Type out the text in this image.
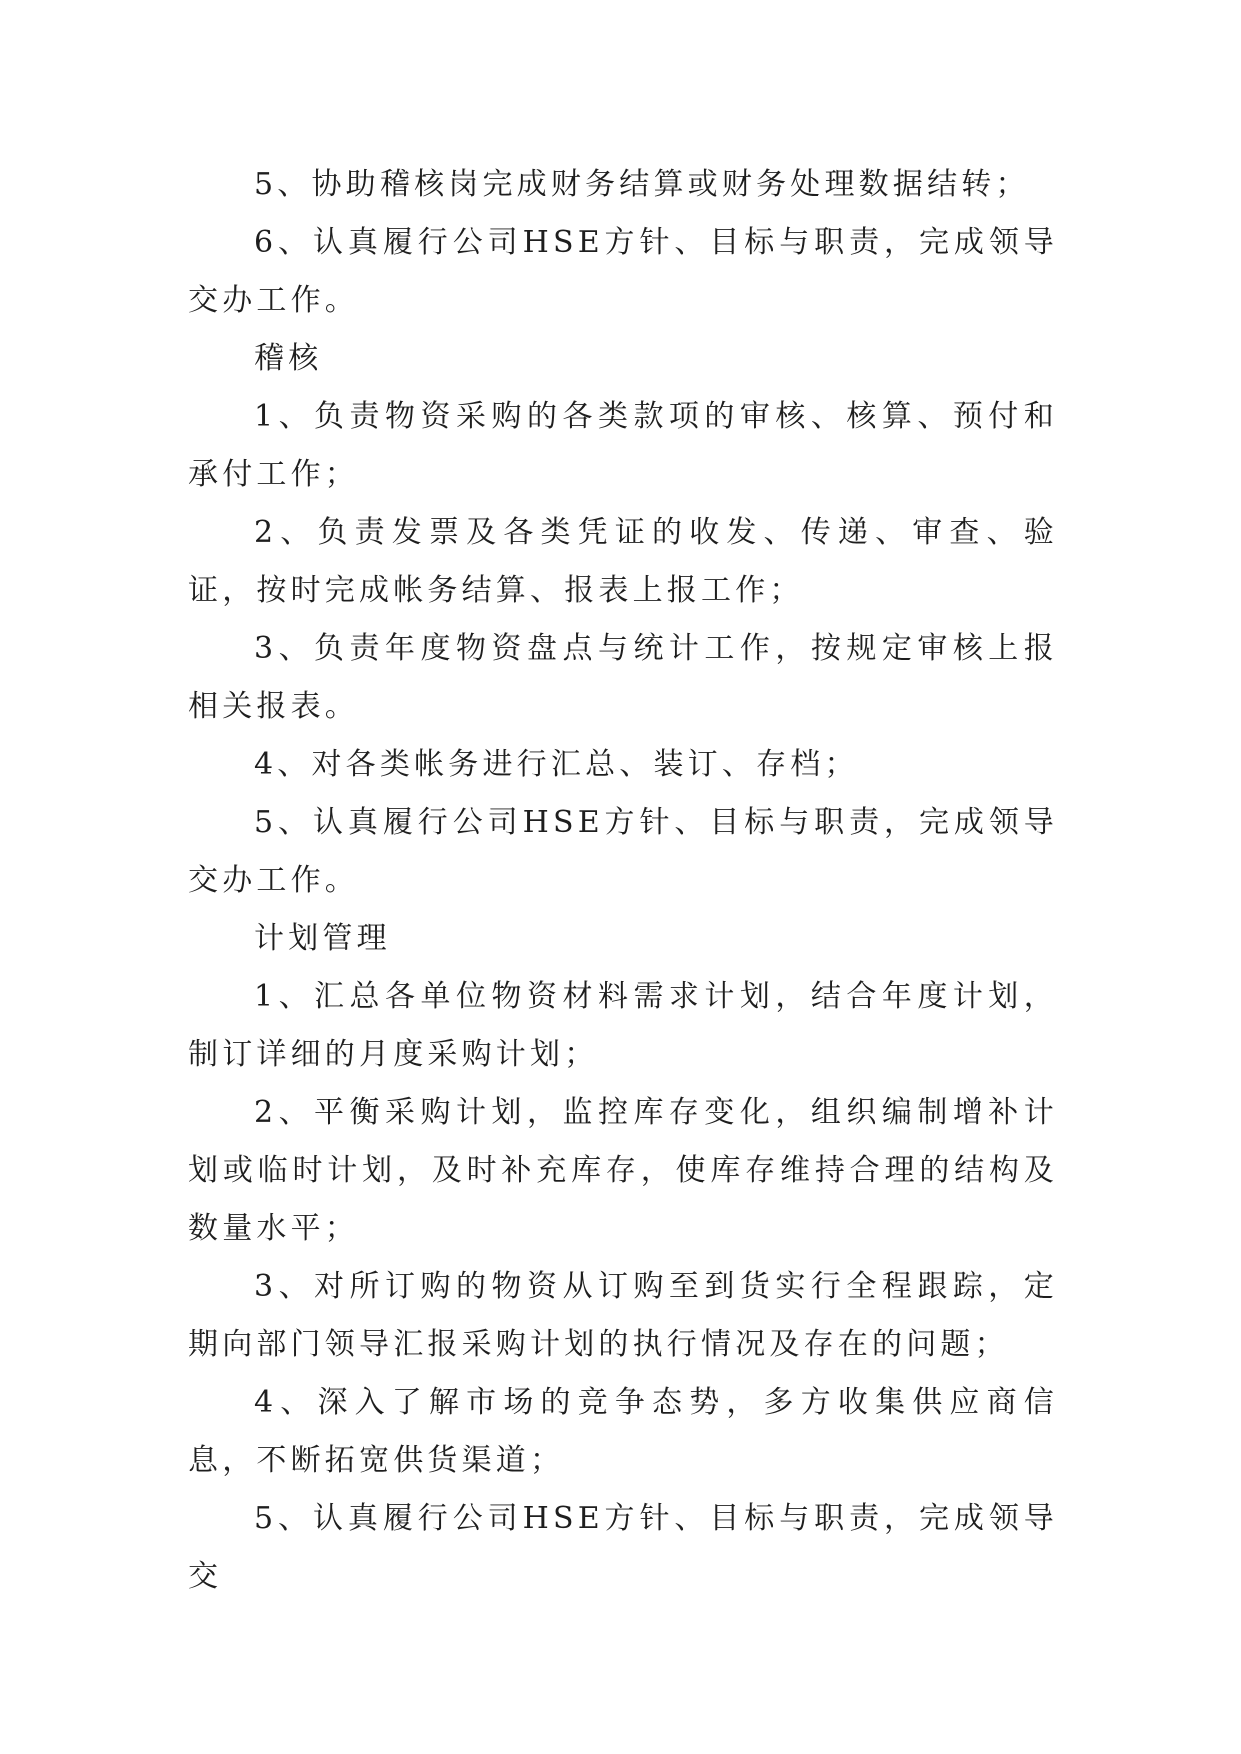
5、协助稽核岗完成财务结算或财务处理数据结转；

6、认真履行公司HSE方针、目标与职责，完成领导交办工作。

稽核

1、负责物资采购的各类款项的审核、核算、预付和承付工作；

2、负责发票及各类凭证的收发、传递、审查、验证，按时完成帐务结算、报表上报工作；

3、负责年度物资盘点与统计工作，按规定审核上报相关报表。

4、对各类帐务进行汇总、装订、存档；

5、认真履行公司HSE方针、目标与职责，完成领导交办工作。

计划管理

1、汇总各单位物资材料需求计划，结合年度计划，制订详细的月度采购计划；

2、平衡采购计划，监控库存变化，组织编制增补计划或临时计划，及时补充库存，使库存维持合理的结构及数量水平；

3、对所订购的物资从订购至到货实行全程跟踪，定期向部门领导汇报采购计划的执行情况及存在的问题；

4、深入了解市场的竞争态势，多方收集供应商信息，不断拓宽供货渠道；

5、认真履行公司HSE方针、目标与职责，完成领导交
